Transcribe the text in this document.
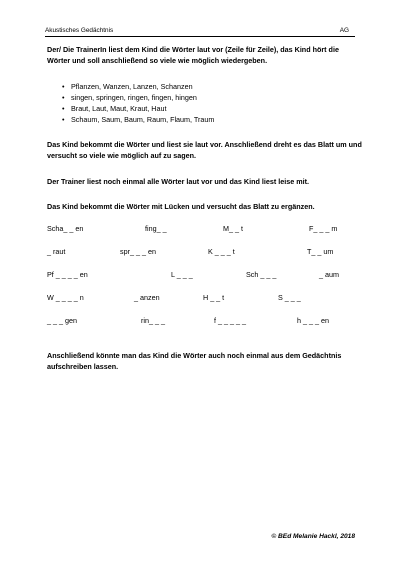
Akustisches Gedächtnis	AG
Der/ Die TrainerIn liest dem Kind die Wörter laut vor (Zeile für Zeile), das Kind hört die Wörter und soll anschließend so viele wie möglich wiedergeben.
• Pflanzen, Wanzen, Lanzen, Schanzen
• singen, springen, ringen, fingen, hingen
• Braut, Laut, Maut, Kraut, Haut
• Schaum, Saum, Baum, Raum, Flaum, Traum
Das Kind bekommt die Wörter und liest sie laut vor. Anschließend dreht es das Blatt um und versucht so viele wie möglich auf zu sagen.
Der Trainer liest noch einmal alle Wörter laut vor und das Kind liest leise mit.
Das Kind bekommt die Wörter mit Lücken und versucht das Blatt zu ergänzen.
Scha_ _ en	fing_ _	M_ _ t	F_ _ _ m
_ raut	spr_ _ _ en	K _ _ _ t	T_ _ um
Pf _ _ _ _ en	L _ _ _	Sch _ _ _	_ aum
W _ _ _ _ n	_ anzen	H _ _ t	S _ _ _
_ _ _ gen	rin_ _ _	f _ _ _ _ _	h _ _ _ en
Anschließend könnte man das Kind die Wörter auch noch einmal aus dem Gedächtnis aufschreiben lassen.
© BEd Melanie Hackl, 2018
